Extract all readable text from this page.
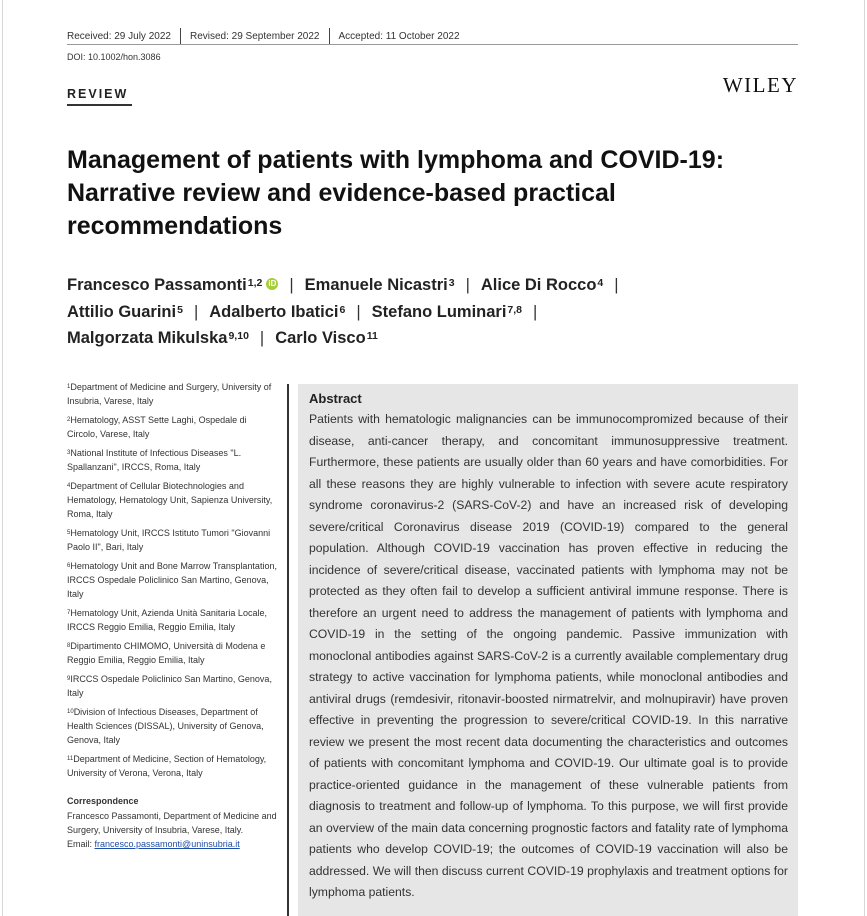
Received: 29 July 2022 Revised: 29 September 2022 Accepted: 11 October 2022
DOI: 10.1002/hon.3086
REVIEW	WILEY
Management of patients with lymphoma and COVID-19: Narrative review and evidence-based practical recommendations
Francesco Passamonti$^{1,2}$ iD | Emanuele Nicastri$^3$ | Alice Di Rocco$^4$ |
Attilio Guarini$^5$ | Adalberto Ibatici$^6$ | Stefano Luminari$^{7,8}$ |
Malgorzata Mikulska$^{9,10}$ | Carlo Visco$^{11}$
$^1$Department of Medicine and Surgery, University of Insubria, Varese, Italy
$^2$Hematology, ASST Sette Laghi, Ospedale di Circolo, Varese, Italy
$^3$National Institute of Infectious Diseases "L. Spallanzani", IRCCS, Roma, Italy
$^4$Department of Cellular Biotechnologies and Hematology, Hematology Unit, Sapienza University, Roma, Italy
$^5$Hematology Unit, IRCCS Istituto Tumori "Giovanni Paolo II", Bari, Italy
$^6$Hematology Unit and Bone Marrow Transplantation, IRCCS Ospedale Policlinico San Martino, Genova, Italy
$^7$Hematology Unit, Azienda Unità Sanitaria Locale, IRCCS Reggio Emilia, Reggio Emilia, Italy
$^8$Dipartimento CHIMOMO, Università di Modena e Reggio Emilia, Reggio Emilia, Italy
$^9$IRCCS Ospedale Policlinico San Martino, Genova, Italy
$^{10}$Division of Infectious Diseases, Department of Health Sciences (DISSAL), University of Genova, Genova, Italy
$^{11}$Department of Medicine, Section of Hematology, University of Verona, Verona, Italy
Correspondence
Francesco Passamonti, Department of Medicine and Surgery, University of Insubria, Varese, Italy.
Email: francesco.passamonti@uninsubria.it
Abstract

Patients with hematologic malignancies can be immunocompromized because of their disease, anti-cancer therapy, and concomitant immunosuppressive treatment. Furthermore, these patients are usually older than 60 years and have comorbidities. For all these reasons they are highly vulnerable to infection with severe acute respiratory syndrome coronavirus-2 (SARS-CoV-2) and have an increased risk of developing severe/critical Coronavirus disease 2019 (COVID-19) compared to the general population. Although COVID-19 vaccination has proven effective in reducing the incidence of severe/critical disease, vaccinated patients with lymphoma may not be protected as they often fail to develop a sufficient antiviral immune response. There is therefore an urgent need to address the management of patients with lymphoma and COVID-19 in the setting of the ongoing pandemic. Passive immunization with monoclonal antibodies against SARS-CoV-2 is a currently available complementary drug strategy to active vaccination for lymphoma patients, while monoclonal antibodies and antiviral drugs (remdesivir, ritonavir-boosted nirmatrelvir, and molnupiravir) have proven effective in preventing the progression to severe/critical COVID-19. In this narrative review we present the most recent data documenting the characteristics and outcomes of patients with concomitant lymphoma and COVID-19. Our ultimate goal is to provide practice-oriented guidance in the management of these vulnerable patients from diagnosis to treatment and follow-up of lymphoma. To this purpose, we will first provide an overview of the main data concerning prognostic factors and fatality rate of lymphoma patients who develop COVID-19; the outcomes of COVID-19 vaccination will also be addressed. We will then discuss current COVID-19 prophylaxis and treatment options for lymphoma patients.
